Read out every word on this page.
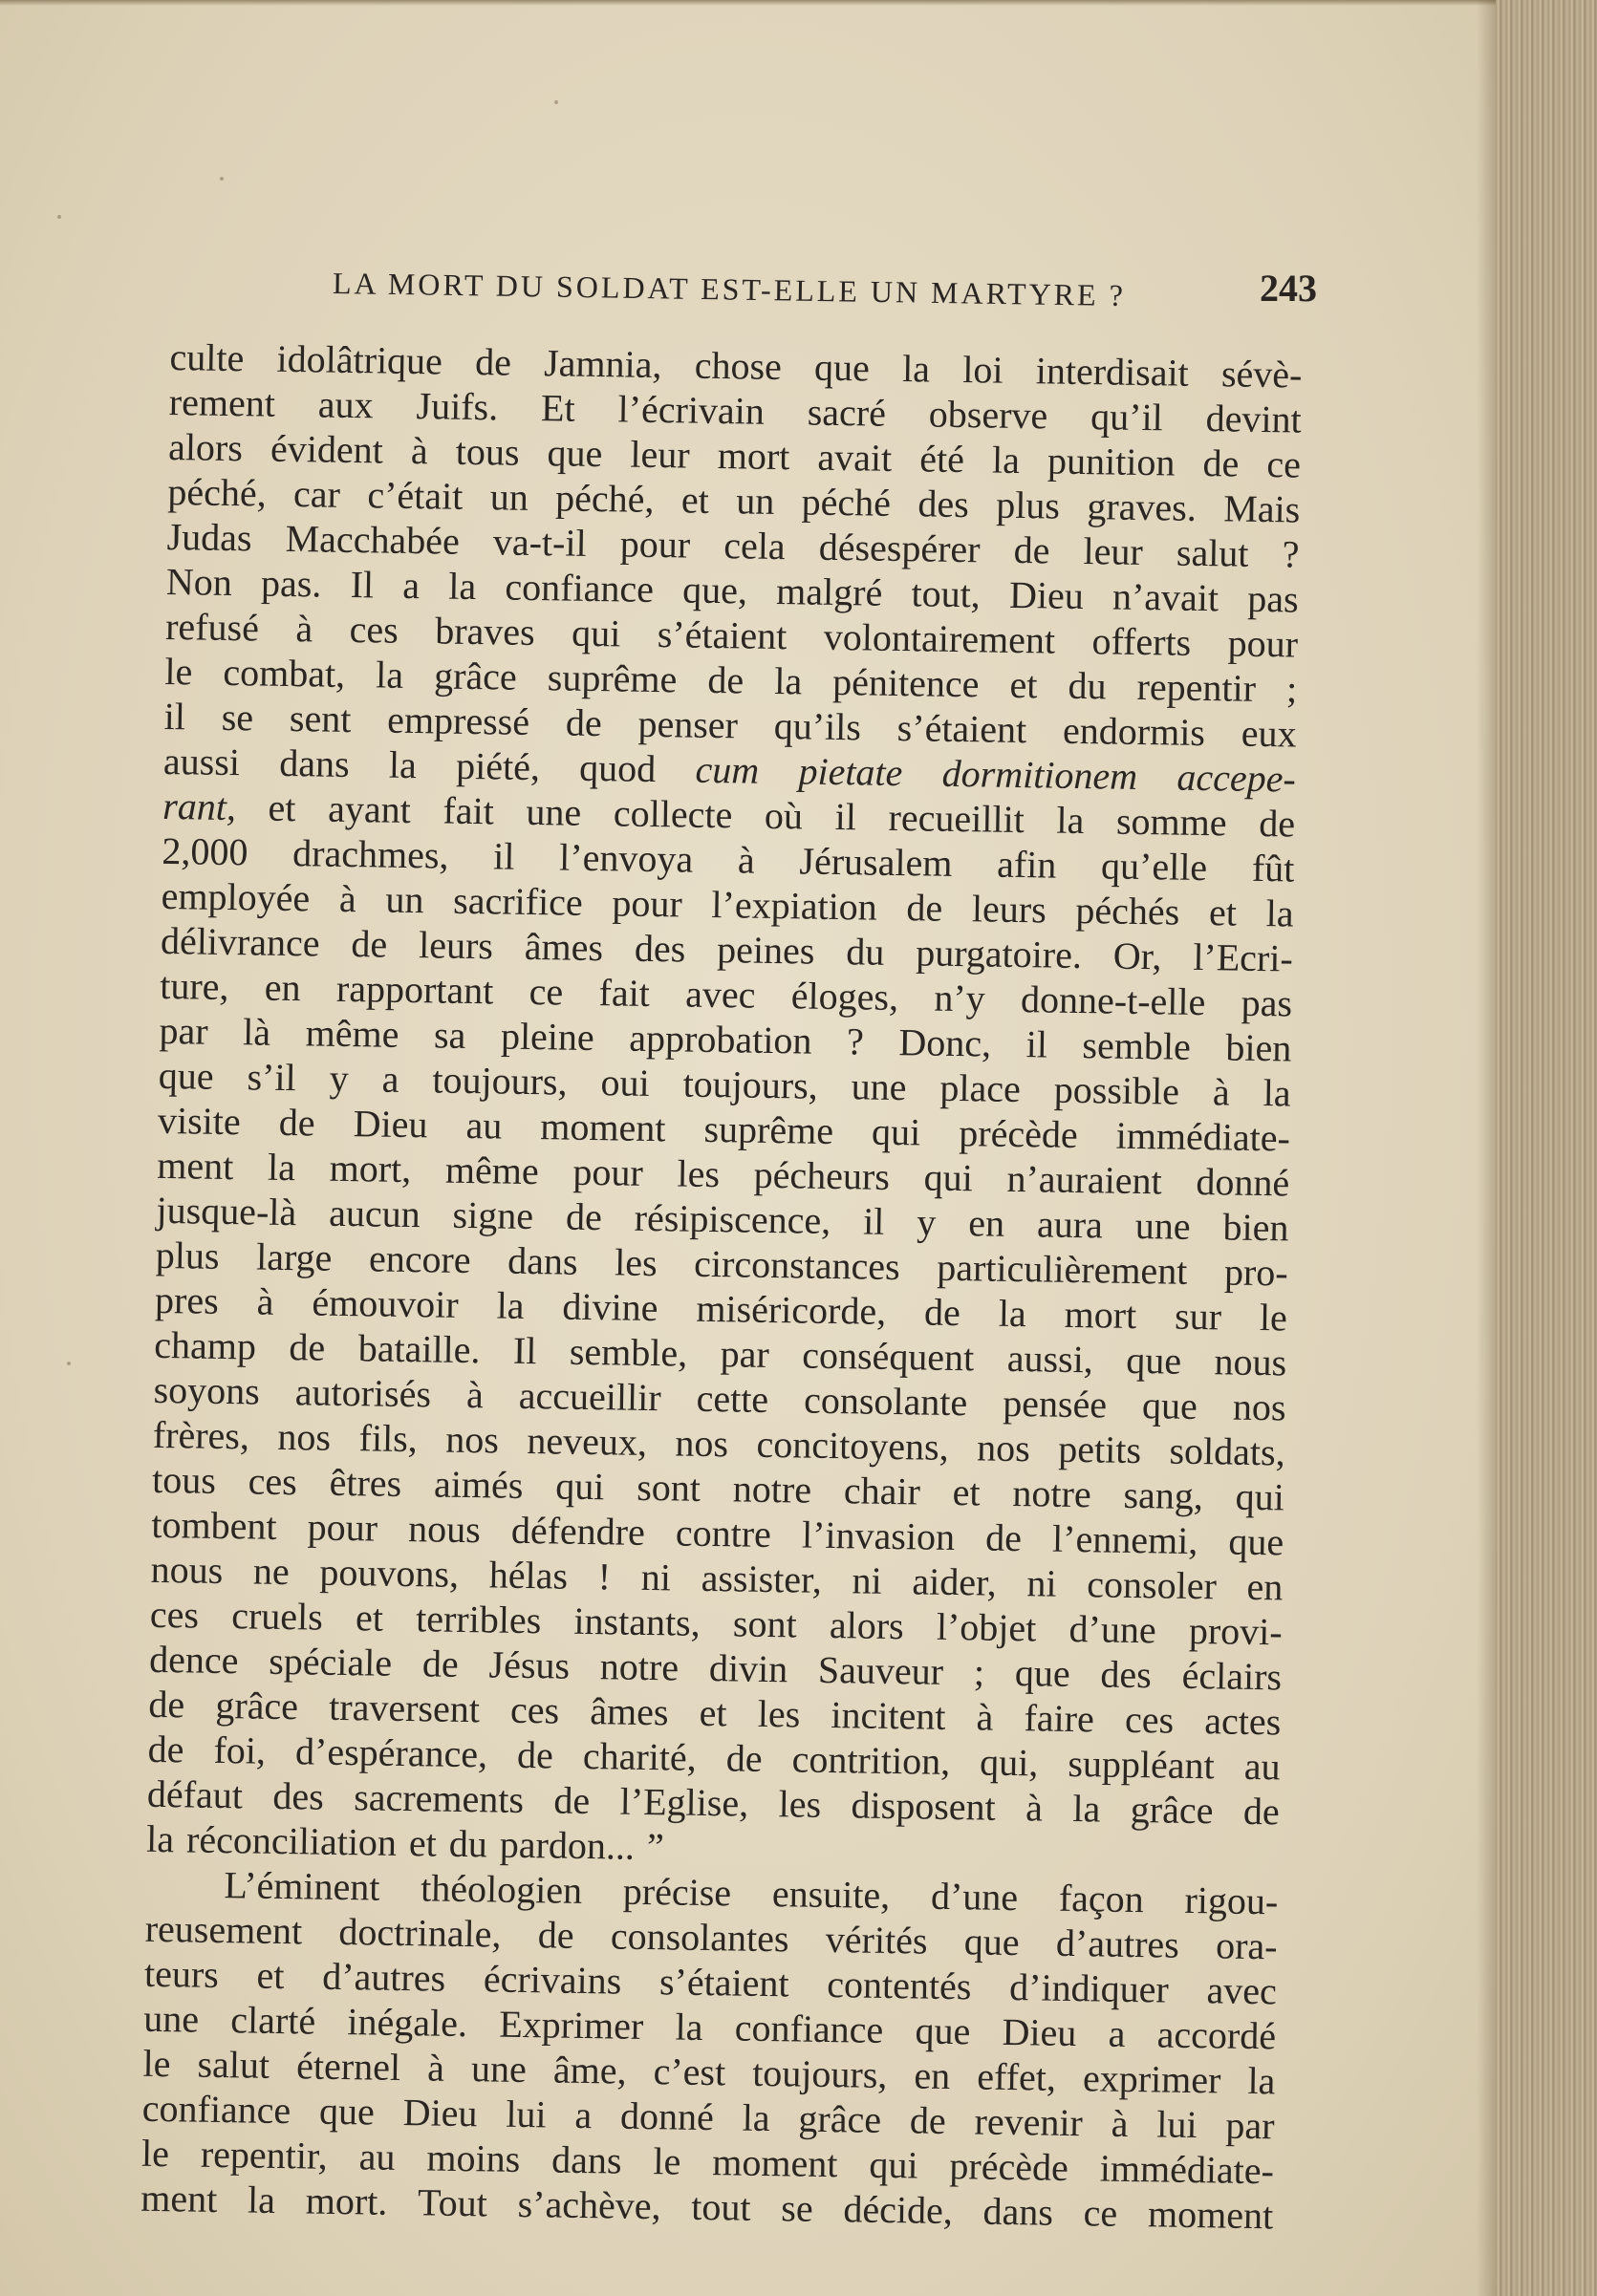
LA MORT DU SOLDAT EST-ELLE UN MARTYRE ?	243
culte idolâtrique de Jamnia, chose que la loi interdisait sévè-
rement aux Juifs. Et l’écrivain sacré observe qu’il devint
alors évident à tous que leur mort avait été la punition de ce
péché, car c’était un péché, et un péché des plus graves. Mais
Judas Macchabée va-t-il pour cela désespérer de leur salut ?
Non pas. Il a la confiance que, malgré tout, Dieu n’avait pas
refusé à ces braves qui s’étaient volontairement offerts pour
le combat, la grâce suprême de la pénitence et du repentir ;
il se sent empressé de penser qu’ils s’étaient endormis eux
aussi dans la piété, quod cum pietate dormitionem accepe-
rant, et ayant fait une collecte où il recueillit la somme de
2,000 drachmes, il l’envoya à Jérusalem afin qu’elle fût
employée à un sacrifice pour l’expiation de leurs péchés et la
délivrance de leurs âmes des peines du purgatoire. Or, l’Ecri-
ture, en rapportant ce fait avec éloges, n’y donne-t-elle pas
par là même sa pleine approbation ? Donc, il semble bien
que s’il y a toujours, oui toujours, une place possible à la
visite de Dieu au moment suprême qui précède immédiate-
ment la mort, même pour les pécheurs qui n’auraient donné
jusque-là aucun signe de résipiscence, il y en aura une bien
plus large encore dans les circonstances particulièrement pro-
pres à émouvoir la divine miséricorde, de la mort sur le
champ de bataille. Il semble, par conséquent aussi, que nous
soyons autorisés à accueillir cette consolante pensée que nos
frères, nos fils, nos neveux, nos concitoyens, nos petits soldats,
tous ces êtres aimés qui sont notre chair et notre sang, qui
tombent pour nous défendre contre l’invasion de l’ennemi, que
nous ne pouvons, hélas ! ni assister, ni aider, ni consoler en
ces cruels et terribles instants, sont alors l’objet d’une provi-
dence spéciale de Jésus notre divin Sauveur ; que des éclairs
de grâce traversent ces âmes et les incitent à faire ces actes
de foi, d’espérance, de charité, de contrition, qui, suppléant au
défaut des sacrements de l’Eglise, les disposent à la grâce de
la réconciliation et du pardon... ”
L’éminent théologien précise ensuite, d’une façon rigou-
reusement doctrinale, de consolantes vérités que d’autres ora-
teurs et d’autres écrivains s’étaient contentés d’indiquer avec
une clarté inégale. Exprimer la confiance que Dieu a accordé
le salut éternel à une âme, c’est toujours, en effet, exprimer la
confiance que Dieu lui a donné la grâce de revenir à lui par
le repentir, au moins dans le moment qui précède immédiate-
ment la mort. Tout s’achève, tout se décide, dans ce moment
